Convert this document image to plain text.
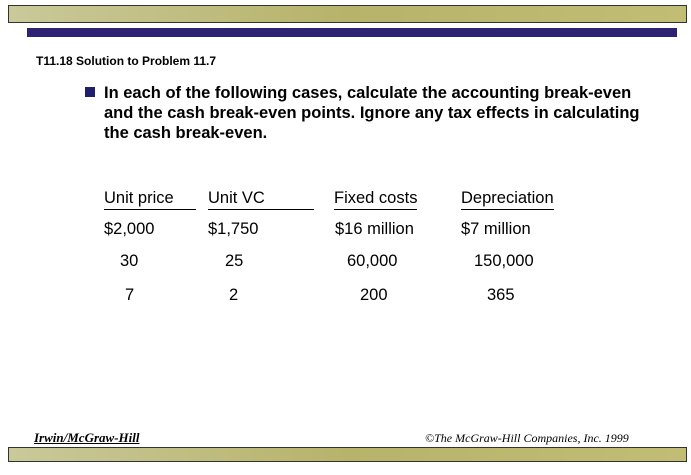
T11.18 Solution to Problem 11.7
In each of the following cases, calculate the accounting break-even and the cash break-even points. Ignore any tax effects in calculating the cash break-even.
Unit price	Unit VC	Fixed costs	Depreciation
$2,000	$1,750	$16 million	$7 million
30	25	60,000	150,000
7	2	200	365
Irwin/McGraw-Hill	©The McGraw-Hill Companies, Inc. 1999
